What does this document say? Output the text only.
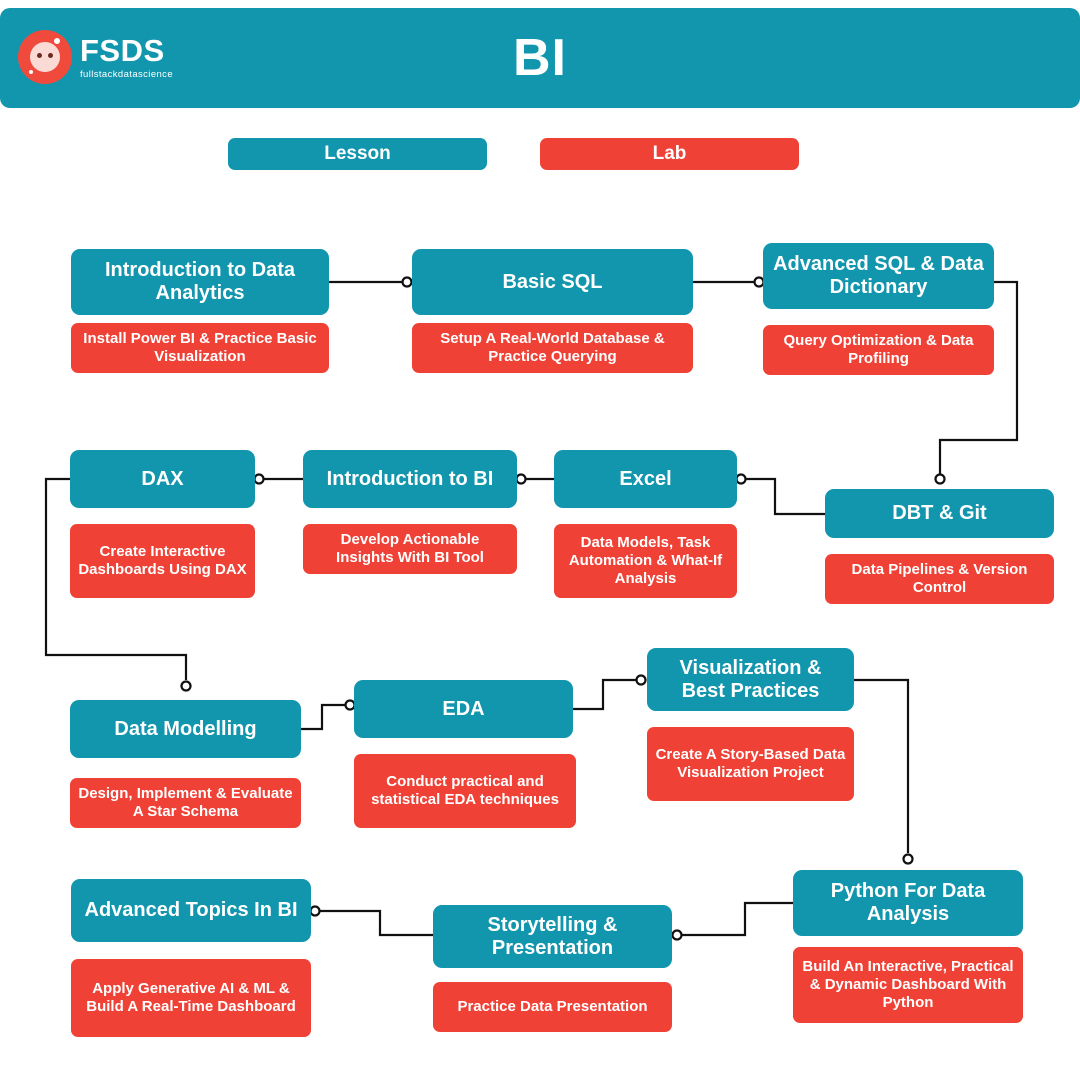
FSDS
fullstackdatascience	BI
Lesson	Lab
Introduction to Data Analytics
Install Power BI & Practice Basic Visualization
Basic SQL
Setup A Real-World Database & Practice Querying
Advanced SQL & Data Dictionary
Query Optimization & Data Profiling
DAX
Create Interactive Dashboards Using DAX
Introduction to BI
Develop Actionable Insights With BI Tool
Excel
Data Models, Task Automation & What-If Analysis
DBT & Git
Data Pipelines & Version Control
Data Modelling
Design, Implement & Evaluate A Star Schema
EDA
Conduct practical and statistical EDA techniques
Visualization & Best Practices
Create A Story-Based Data Visualization Project
Advanced Topics In BI
Apply Generative AI & ML & Build A Real-Time Dashboard
Storytelling & Presentation
Practice Data Presentation
Python For Data Analysis
Build An Interactive, Practical & Dynamic Dashboard With Python
